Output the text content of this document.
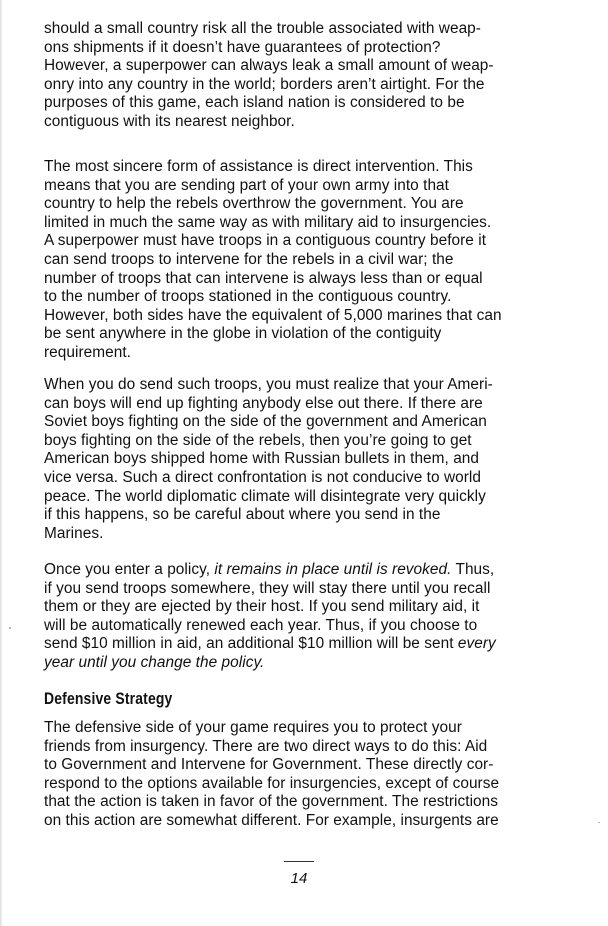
should a small country risk all the trouble associated with weap-
ons shipments if it doesn’t have guarantees of protection?
However, a superpower can always leak a small amount of weap-
onry into any country in the world; borders aren’t airtight. For the
purposes of this game, each island nation is considered to be
contiguous with its nearest neighbor.

The most sincere form of assistance is direct intervention. This
means that you are sending part of your own army into that
country to help the rebels overthrow the government. You are
limited in much the same way as with military aid to insurgencies.
A superpower must have troops in a contiguous country before it
can send troops to intervene for the rebels in a civil war; the
number of troops that can intervene is always less than or equal
to the number of troops stationed in the contiguous country.
However, both sides have the equivalent of 5,000 marines that can
be sent anywhere in the globe in violation of the contiguity
requirement.

When you do send such troops, you must realize that your Ameri-
can boys will end up fighting anybody else out there. If there are
Soviet boys fighting on the side of the government and American
boys fighting on the side of the rebels, then you’re going to get
American boys shipped home with Russian bullets in them, and
vice versa. Such a direct confrontation is not conducive to world
peace. The world diplomatic climate will disintegrate very quickly
if this happens, so be careful about where you send in the
Marines.

Once you enter a policy, it remains in place until is revoked. Thus,
if you send troops somewhere, they will stay there until you recall
them or they are ejected by their host. If you send military aid, it
will be automatically renewed each year. Thus, if you choose to
send $10 million in aid, an additional $10 million will be sent every
year until you change the policy.

Defensive Strategy

The defensive side of your game requires you to protect your
friends from insurgency. There are two direct ways to do this: Aid
to Government and Intervene for Government. These directly cor-
respond to the options available for insurgencies, except of course
that the action is taken in favor of the government. The restrictions
on this action are somewhat different. For example, insurgents are

14
